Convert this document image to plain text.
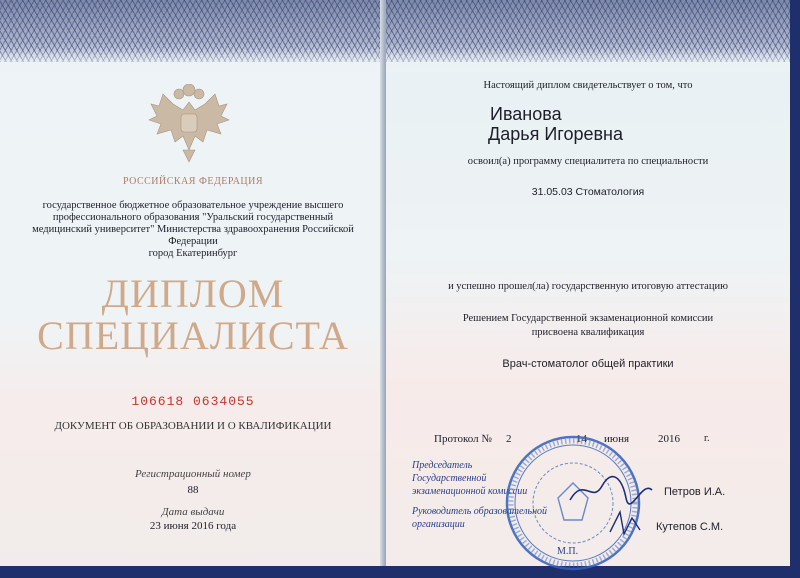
РОССИЙСКАЯ ФЕДЕРАЦИЯ
государственное бюджетное образовательное учреждение высшего
профессионального образования "Уральский государственный
медицинский университет" Министерства здравоохранения Российской
Федерации
город Екатеринбург
ДИПЛОМ
СПЕЦИАЛИСТА
106618 0634055
ДОКУМЕНТ ОБ ОБРАЗОВАНИИ И О КВАЛИФИКАЦИИ
Регистрационный номер
88
Дата выдачи
23 июня 2016 года
Настоящий диплом свидетельствует о том, что
Иванова
Дарья Игоревна
освоил(а) программу специалитета по специальности
31.05.03 Стоматология
и успешно прошел(ла) государственную итоговую аттестацию
Решением Государственной экзаменационной комиссии
присвоена квалификация
Врач-стоматолог общей практики
Протокол № 2	14 июня	2016 г.
Председатель
Государственной
экзаменационной комиссии	Петров И.А.
Руководитель образовательной
организации	Кутепов С.М.
М.П.
